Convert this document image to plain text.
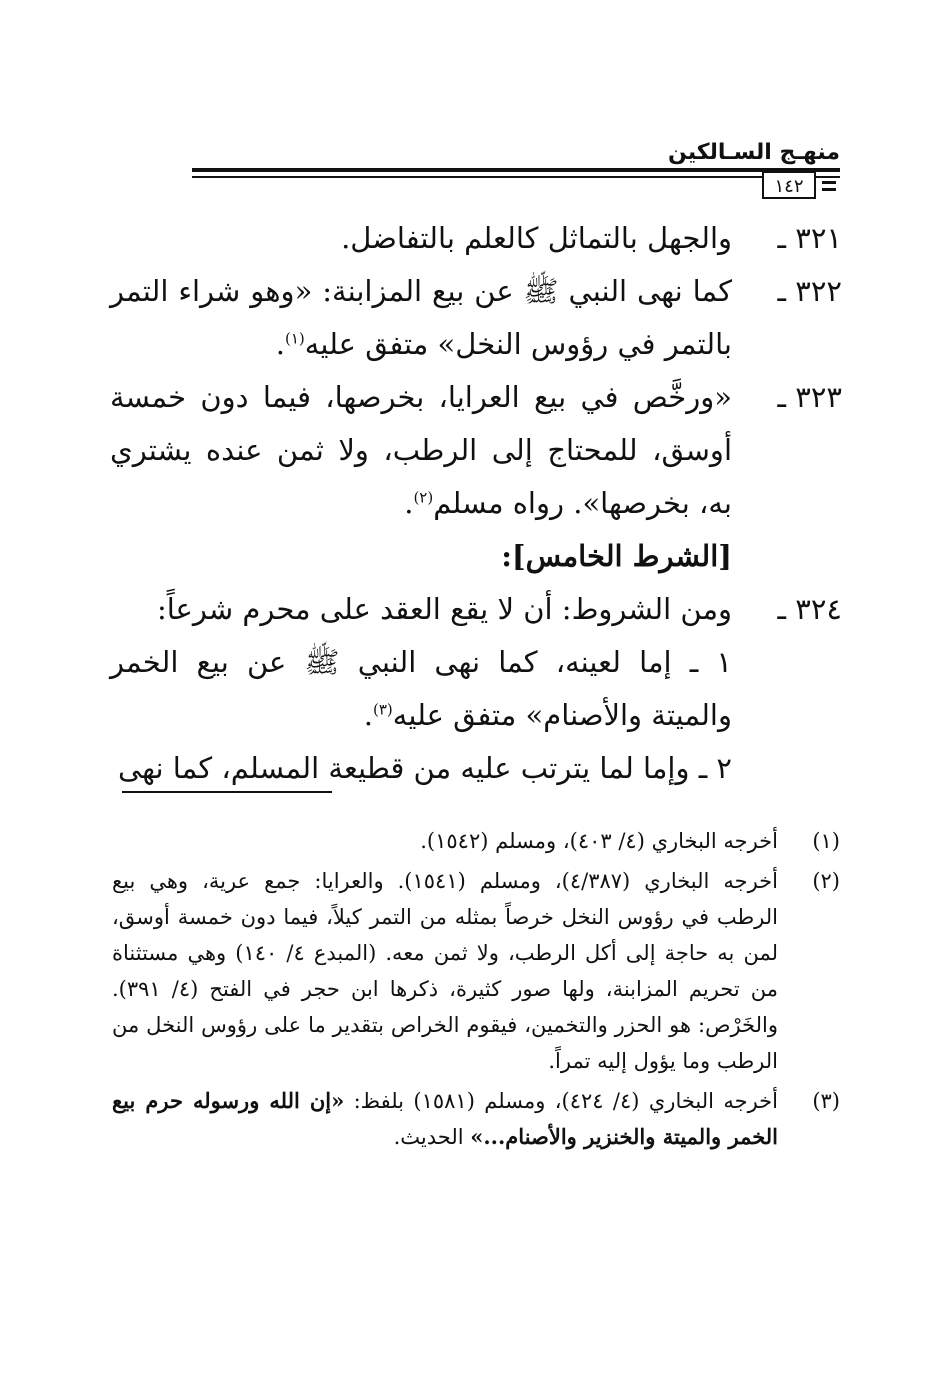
منهـج السـالكين
١٤٢
٣٢١ ـ
والجهل بالتماثل كالعلم بالتفاضل.
٣٢٢ ـ
كما نهى النبي ﷺ عن بيع المزابنة: «وهو شراء التمر بالتمر في رؤوس النخل» متفق عليه$^{(١)}$.
٣٢٣ ـ
«ورخَّص في بيع العرايا، بخرصها، فيما دون خمسة أوسق، للمحتاج إلى الرطب، ولا ثمن عنده يشتري به، بخرصها». رواه مسلم$^{(٢)}$.
[الشرط الخامس]:
٣٢٤ ـ
ومن الشروط: أن لا يقع العقد على محرم شرعاً:
١ ـ إما لعينه، كما نهى النبي ﷺ عن بيع الخمر والميتة والأصنام» متفق عليه$^{(٣)}$.
٢ ـ وإما لما يترتب عليه من قطيعة المسلم، كما نهى
(١)
أخرجه البخاري (٤/ ٤٠٣)، ومسلم (١٥٤٢).
(٢)
أخرجه البخاري (٤/٣٨٧)، ومسلم (١٥٤١). والعرايا: جمع عرية، وهي بيع الرطب في رؤوس النخل خرصاً بمثله من التمر كيلاً، فيما دون خمسة أوسق، لمن به حاجة إلى أكل الرطب، ولا ثمن معه. (المبدع ٤/ ١٤٠) وهي مستثناة من تحريم المزابنة، ولها صور كثيرة، ذكرها ابن حجر في الفتح (٤/ ٣٩١). والخَرْص: هو الحزر والتخمين، فيقوم الخراص بتقدير ما على رؤوس النخل من الرطب وما يؤول إليه تمراً.
(٣)
أخرجه البخاري (٤/ ٤٢٤)، ومسلم (١٥٨١) بلفظ: «إن الله ورسوله حرم بيع الخمر والميتة والخنزير والأصنام...» الحديث.
